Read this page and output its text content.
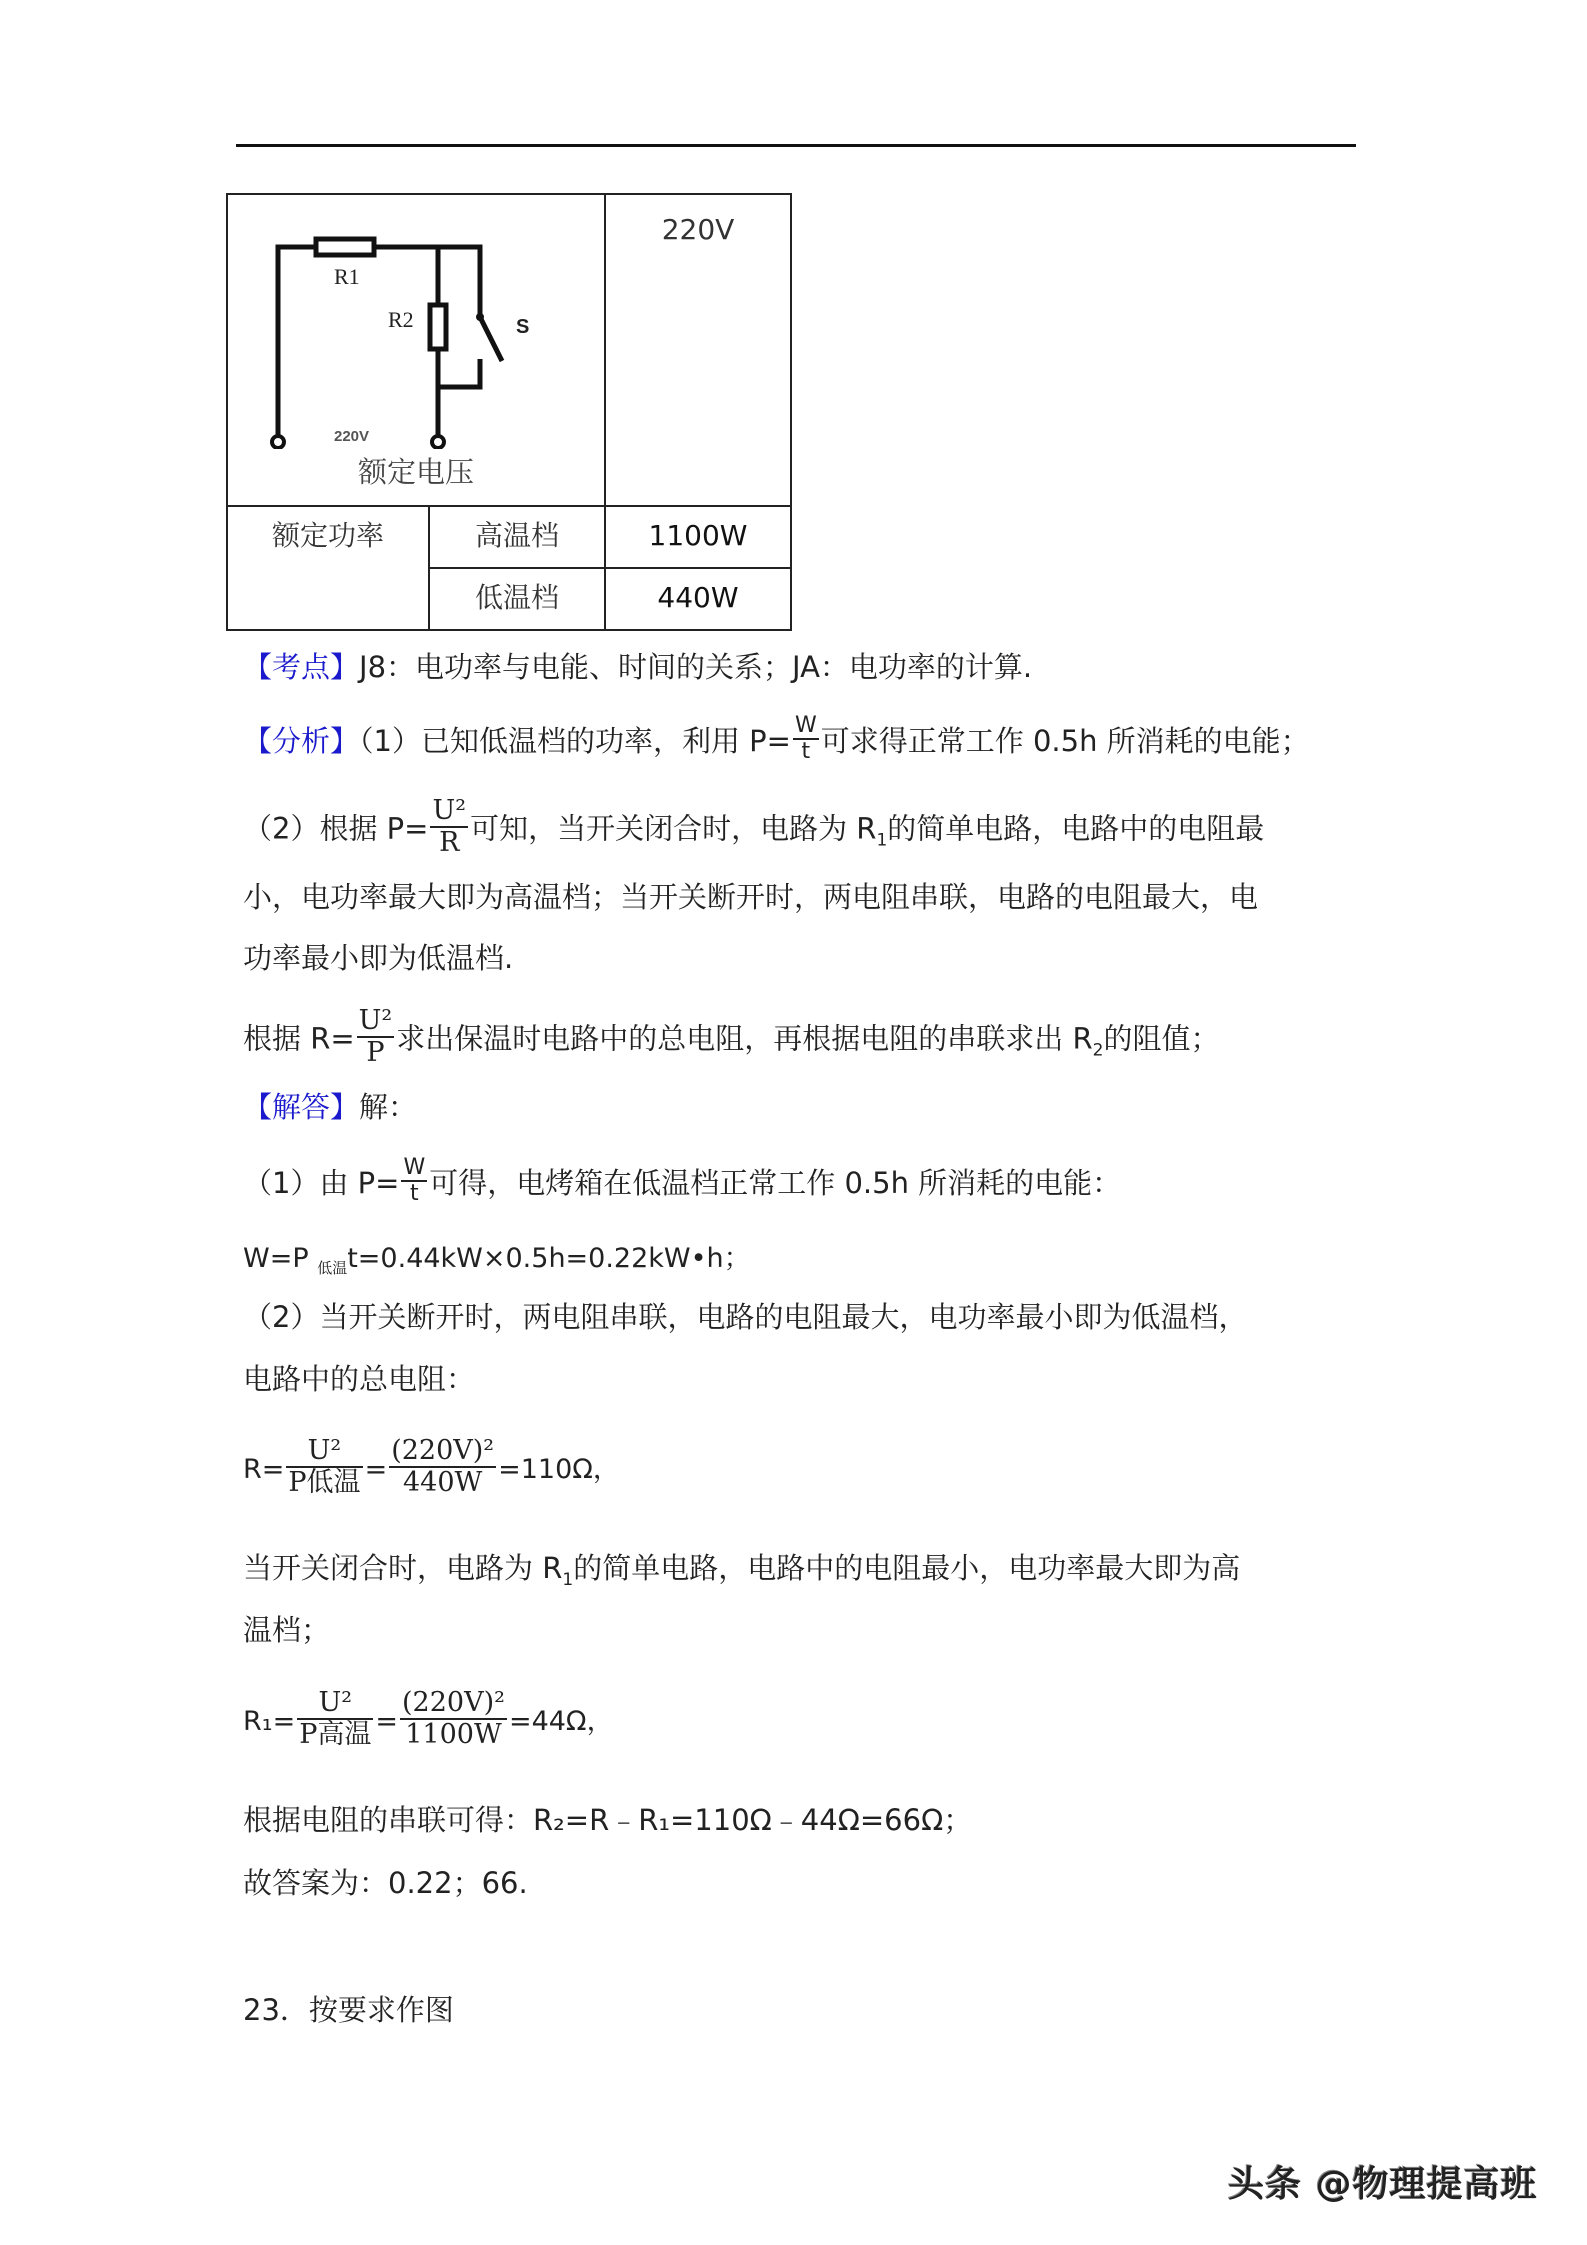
R1
R2 S
220V
额定电压		220V
额定功率	高温档	1100W
	低温档	440W
【考点】J8：电功率与电能、时间的关系；JA：电功率的计算.
【分析】（1）已知低温档的功率，利用 $P= \frac{W}{t}$ 可求得正常工作 0.5h 所消耗的电能；
（2）根据 $P= \frac{\text{U²}}{R}$ 可知，当开关闭合时，电路为 $R_1$的简单电路，电路中的电阻最
小，电功率最大即为高温档；当开关断开时，两电阻串联，电路的电阻最大，电
功率最小即为低温档.
根据 $R= \frac{\text{U²}}{P}$ 求出保温时电路中的总电阻，再根据电阻的串联求出 $R_2$的阻值；
【解答】解：
（1）由 $P= \frac{W}{t}$ 可得，电烤箱在低温档正常工作 0.5h 所消耗的电能：
W=P $_{低温}$t=0.44kW×0.5h=0.22kW•h；
（2）当开关断开时，两电阻串联，电路的电阻最大，电功率最小即为低温档，
电路中的总电阻：
$R= \frac{\text{U²}}{\text{P低温}} = \frac{\text{(220V)²}}{440W} =110\Omega$，
当开关闭合时，电路为 $R_1$的简单电路，电路中的电阻最小，电功率最大即为高
温档；
$R_1= \frac{\text{U²}}{\text{P高温}} = \frac{\text{(220V)²}}{1100W} =44\Omega$，
根据电阻的串联可得：R₂=R﹣R₁=110Ω﹣44Ω=66Ω；
故答案为：0.22；66.
23．按要求作图
头条 @物理提高班
